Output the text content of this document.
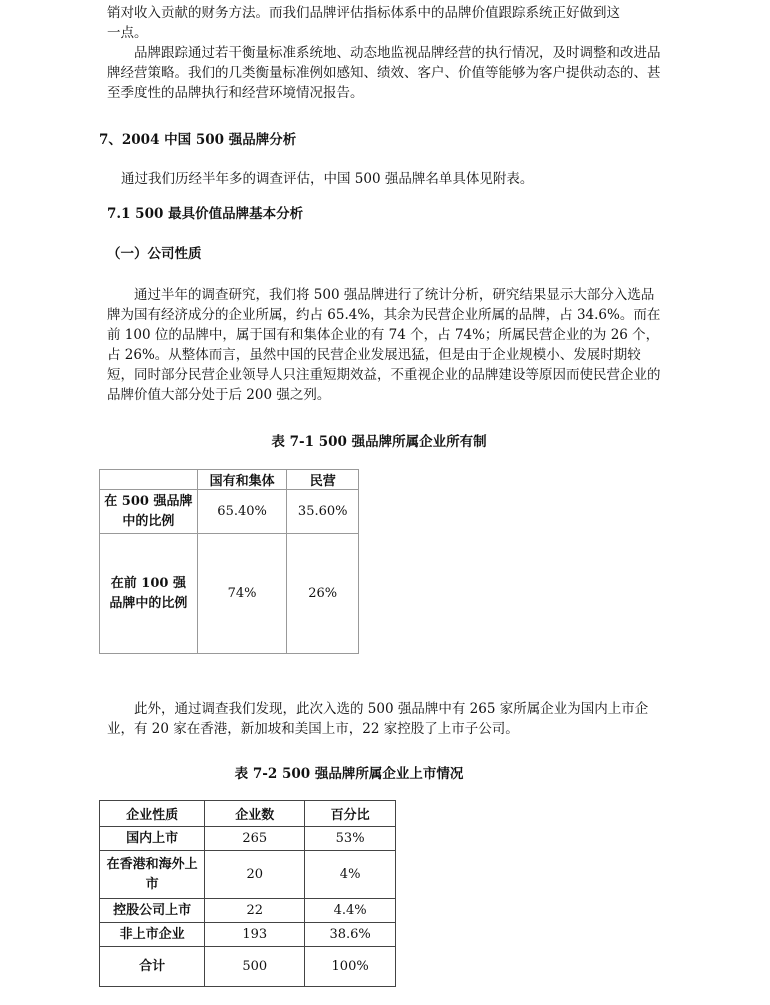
销对收入贡献的财务方法。而我们品牌评估指标体系中的品牌价值跟踪系统正好做到这

一点。

品牌跟踪通过若干衡量标准系统地、动态地监视品牌经营的执行情况，及时调整和改进品牌经营策略。我们的几类衡量标准例如感知、绩效、客户、价值等能够为客户提供动态的、甚至季度性的品牌执行和经营环境情况报告。

7、2004 中国 500 强品牌分析

通过我们历经半年多的调查评估，中国 500 强品牌名单具体见附表。

7.1 500 最具价值品牌基本分析
（一）公司性质

通过半年的调查研究，我们将 500 强品牌进行了统计分析，研究结果显示大部分入选品牌为国有经济成分的企业所属，约占 65.4%，其余为民营企业所属的品牌，占 34.6%。而在前 100 位的品牌中，属于国有和集体企业的有 74 个，占 74%；所属民营企业的为 26 个，占 26%。从整体而言，虽然中国的民营企业发展迅猛，但是由于企业规模小、发展时期较短，同时部分民营企业领导人只注重短期效益，不重视企业的品牌建设等原因而使民营企业的品牌价值大部分处于后 200 强之列。

表 7-1 500 强品牌所属企业所有制
	国有和集体	民营
在 500 强品牌中的比例	65.40%	35.60%
在前 100 强品牌中的比例	74%	26%

此外，通过调查我们发现，此次入选的 500 强品牌中有 265 家所属企业为国内上市企业，有 20 家在香港，新加坡和美国上市，22 家控股了上市子公司。

表 7-2 500 强品牌所属企业上市情况
企业性质	企业数	百分比
国内上市	265	53%
在香港和海外上市	20	4%
控股公司上市	22	4.4%
非上市企业	193	38.6%
合计	500	100%
